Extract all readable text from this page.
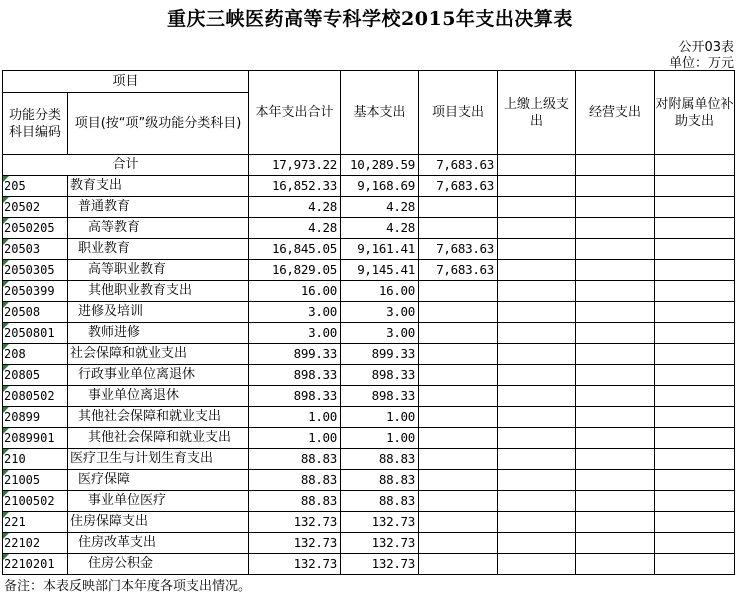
重庆三峡医药高等专科学校2015年支出决算表
公开03表
单位：万元
项目		本年支出合计	基本支出	项目支出	上缴上级支出	经营支出	对附属单位补助支出
功能分类科目编码	项目(按“项”级功能分类科目)						
合计		17,973.22	10,289.59	7,683.63			
205	教育支出	16,852.33	9,168.69	7,683.63			
20502	普通教育	4.28	4.28				
2050205	高等教育	4.28	4.28				
20503	职业教育	16,845.05	9,161.41	7,683.63			
2050305	高等职业教育	16,829.05	9,145.41	7,683.63			
2050399	其他职业教育支出	16.00	16.00				
20508	进修及培训	3.00	3.00				
2050801	教师进修	3.00	3.00				
208	社会保障和就业支出	899.33	899.33				
20805	行政事业单位离退休	898.33	898.33				
2080502	事业单位离退休	898.33	898.33				
20899	其他社会保障和就业支出	1.00	1.00				
2089901	其他社会保障和就业支出	1.00	1.00				
210	医疗卫生与计划生育支出	88.83	88.83				
21005	医疗保障	88.83	88.83				
2100502	事业单位医疗	88.83	88.83				
221	住房保障支出	132.73	132.73				
22102	住房改革支出	132.73	132.73				
2210201	住房公积金	132.73	132.73				
备注：本表反映部门本年度各项支出情况。
